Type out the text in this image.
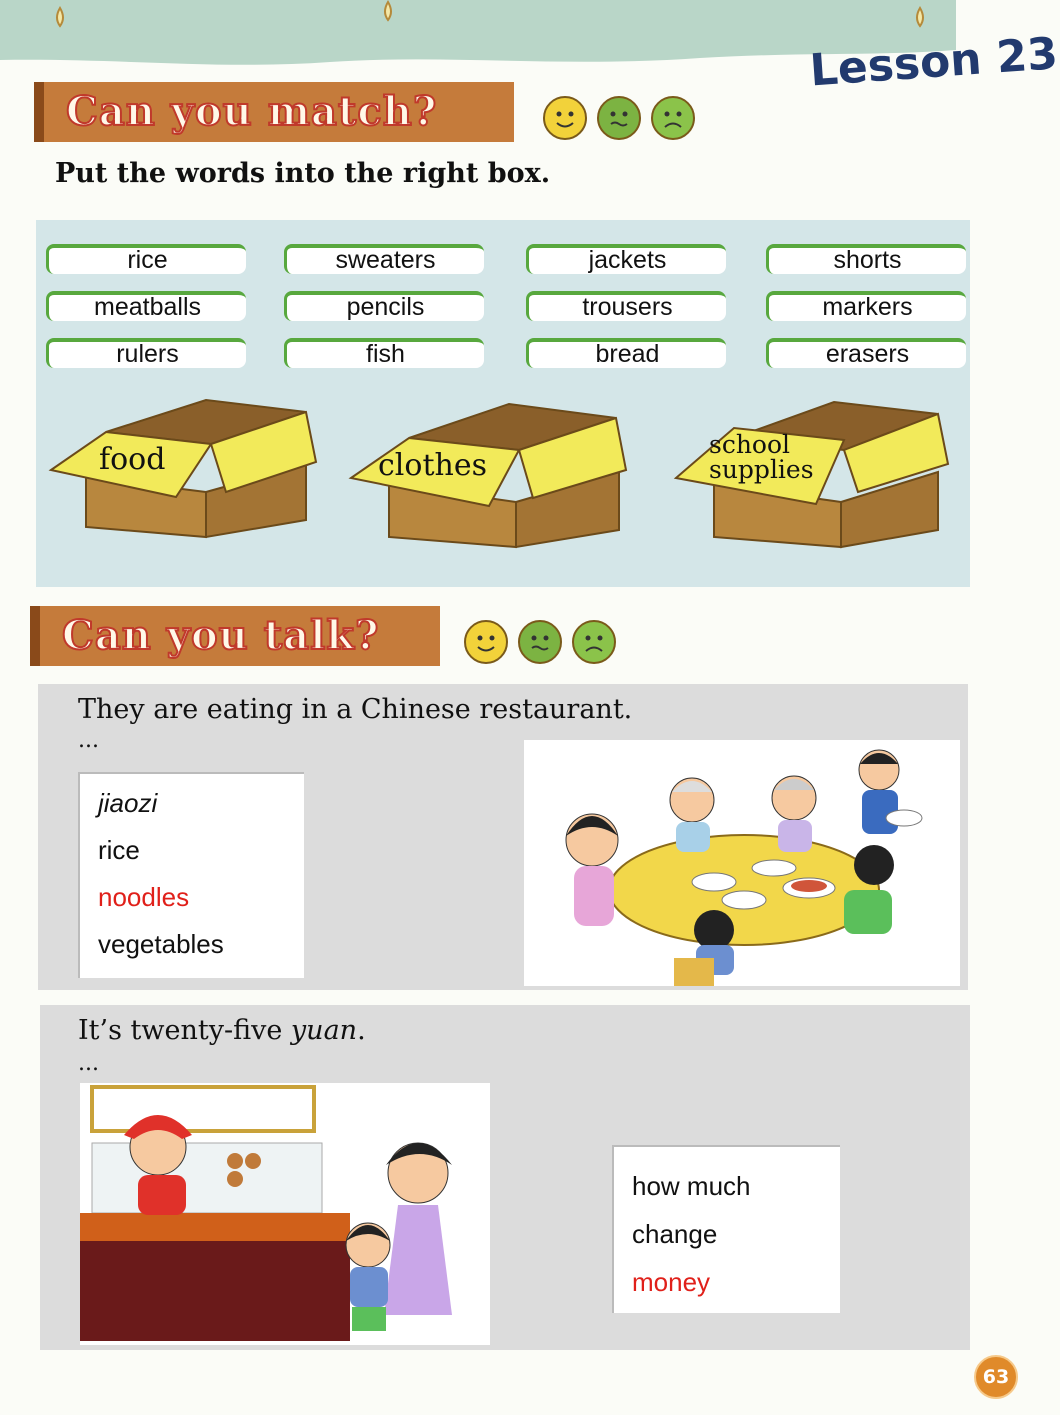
Lesson 23
Can you match?
Put the words into the right box.
rice	sweaters	jackets	shorts
meatballs	pencils	trousers	markers
rulers	fish	bread	erasers
food	clothes
school supplies
Can you talk?
They are eating in a Chinese restaurant.
...
jiaozi
rice
noodles
vegetables
It’s twenty-five yuan.
...
how much
change
money
63
